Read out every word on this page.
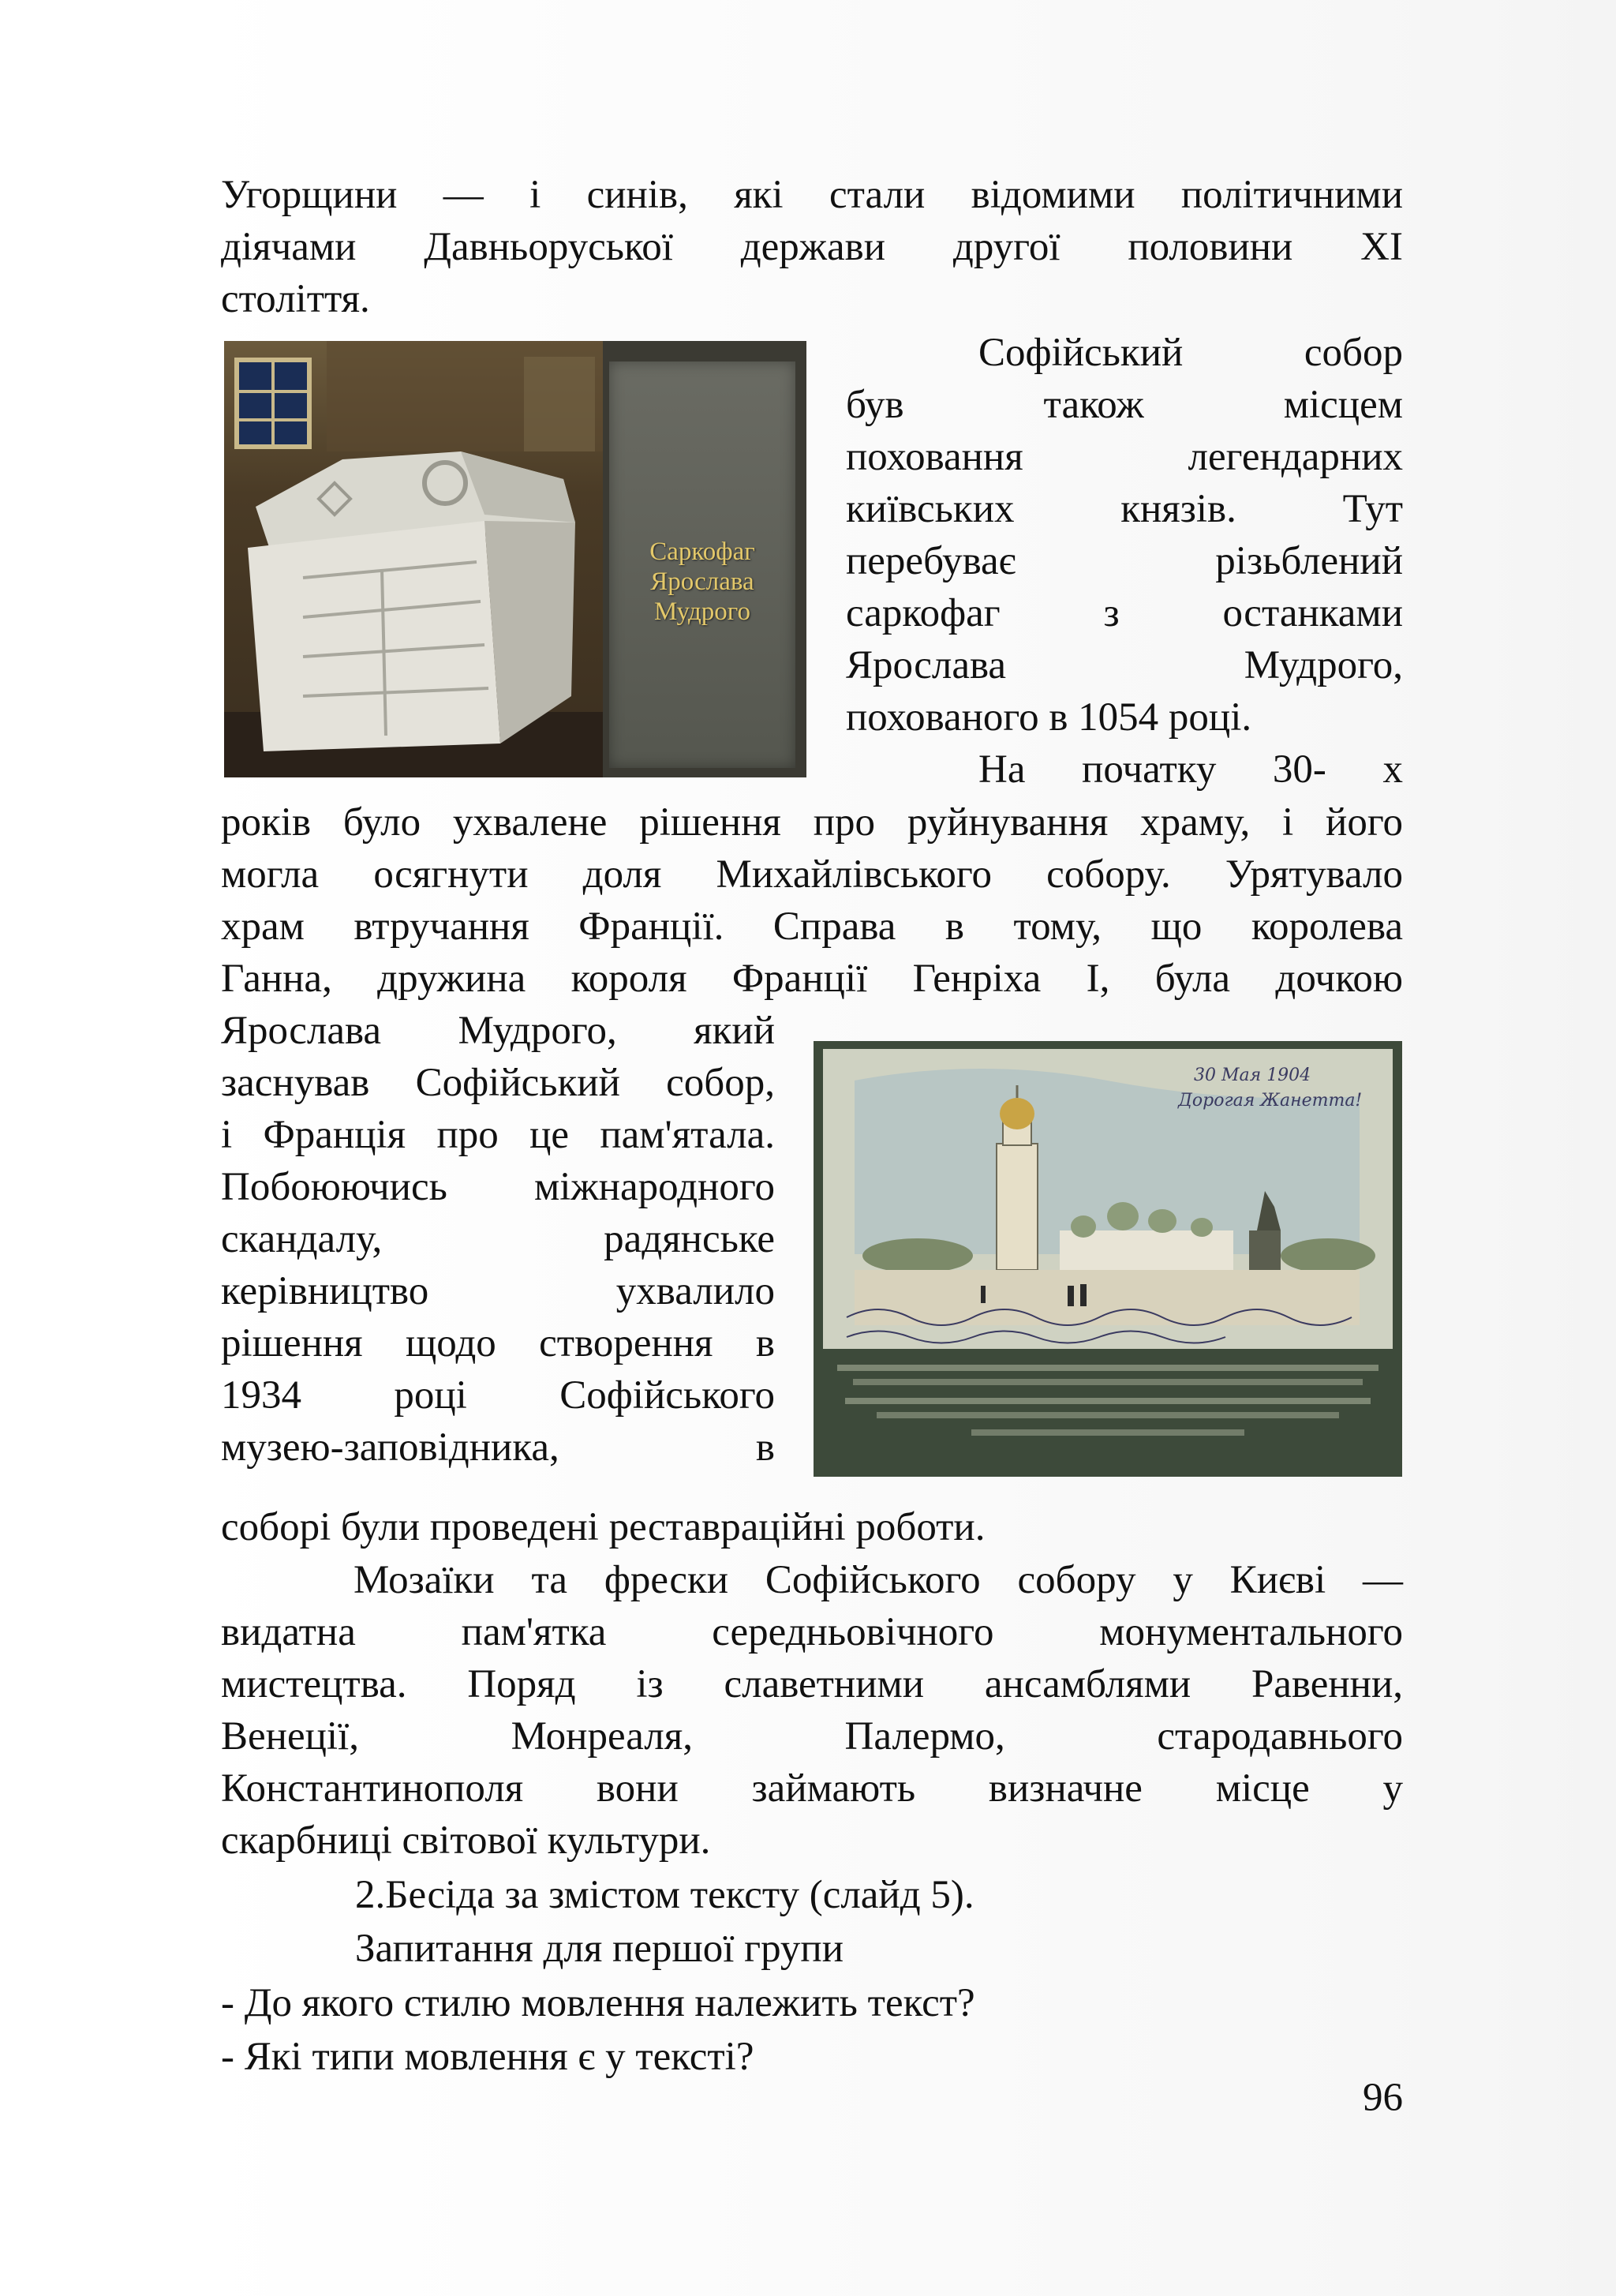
Угорщини — і синів, які стали відомими політичними
діячами Давньоруської держави другої половини XI
століття.
Саркофаг
Ярослава
Мудрого
Софійський собор
був також місцем
поховання легендарних
київських князів. Тут
перебуває різьблений
саркофаг з останками
Ярослава Мудрого,
похованого в 1054 році.
На початку 30- х
років було ухвалене рішення про руйнування храму, і його
могла осягнути доля Михайлівського собору. Урятувало
храм втручання Франції. Справа в тому, що королева
Ганна, дружина короля Франції Генріха I, була дочкою
30 Мая 1904
Дорогая Жанетта!
Ярослава Мудрого, який
заснував Софійський собор,
і Франція про це пам'ятала.
Побоюючись міжнародного
скандалу, радянське
керівництво ухвалило
рішення щодо створення в
1934 році Софійського
музею-заповідника, в
соборі були проведені реставраційні роботи.
Мозаїки та фрески Софійського собору у Києві —
видатна пам'ятка середньовічного монументального
мистецтва. Поряд із славетними ансамблями Равенни,
Венеції, Монреаля, Палермо, стародавнього
Константинополя вони займають визначне місце у
скарбниці світової культури.
2.Бесіда за змістом тексту (слайд 5).
Запитання для першої групи
- До якого стилю мовлення належить текст?
- Які типи мовлення є у тексті?
96
